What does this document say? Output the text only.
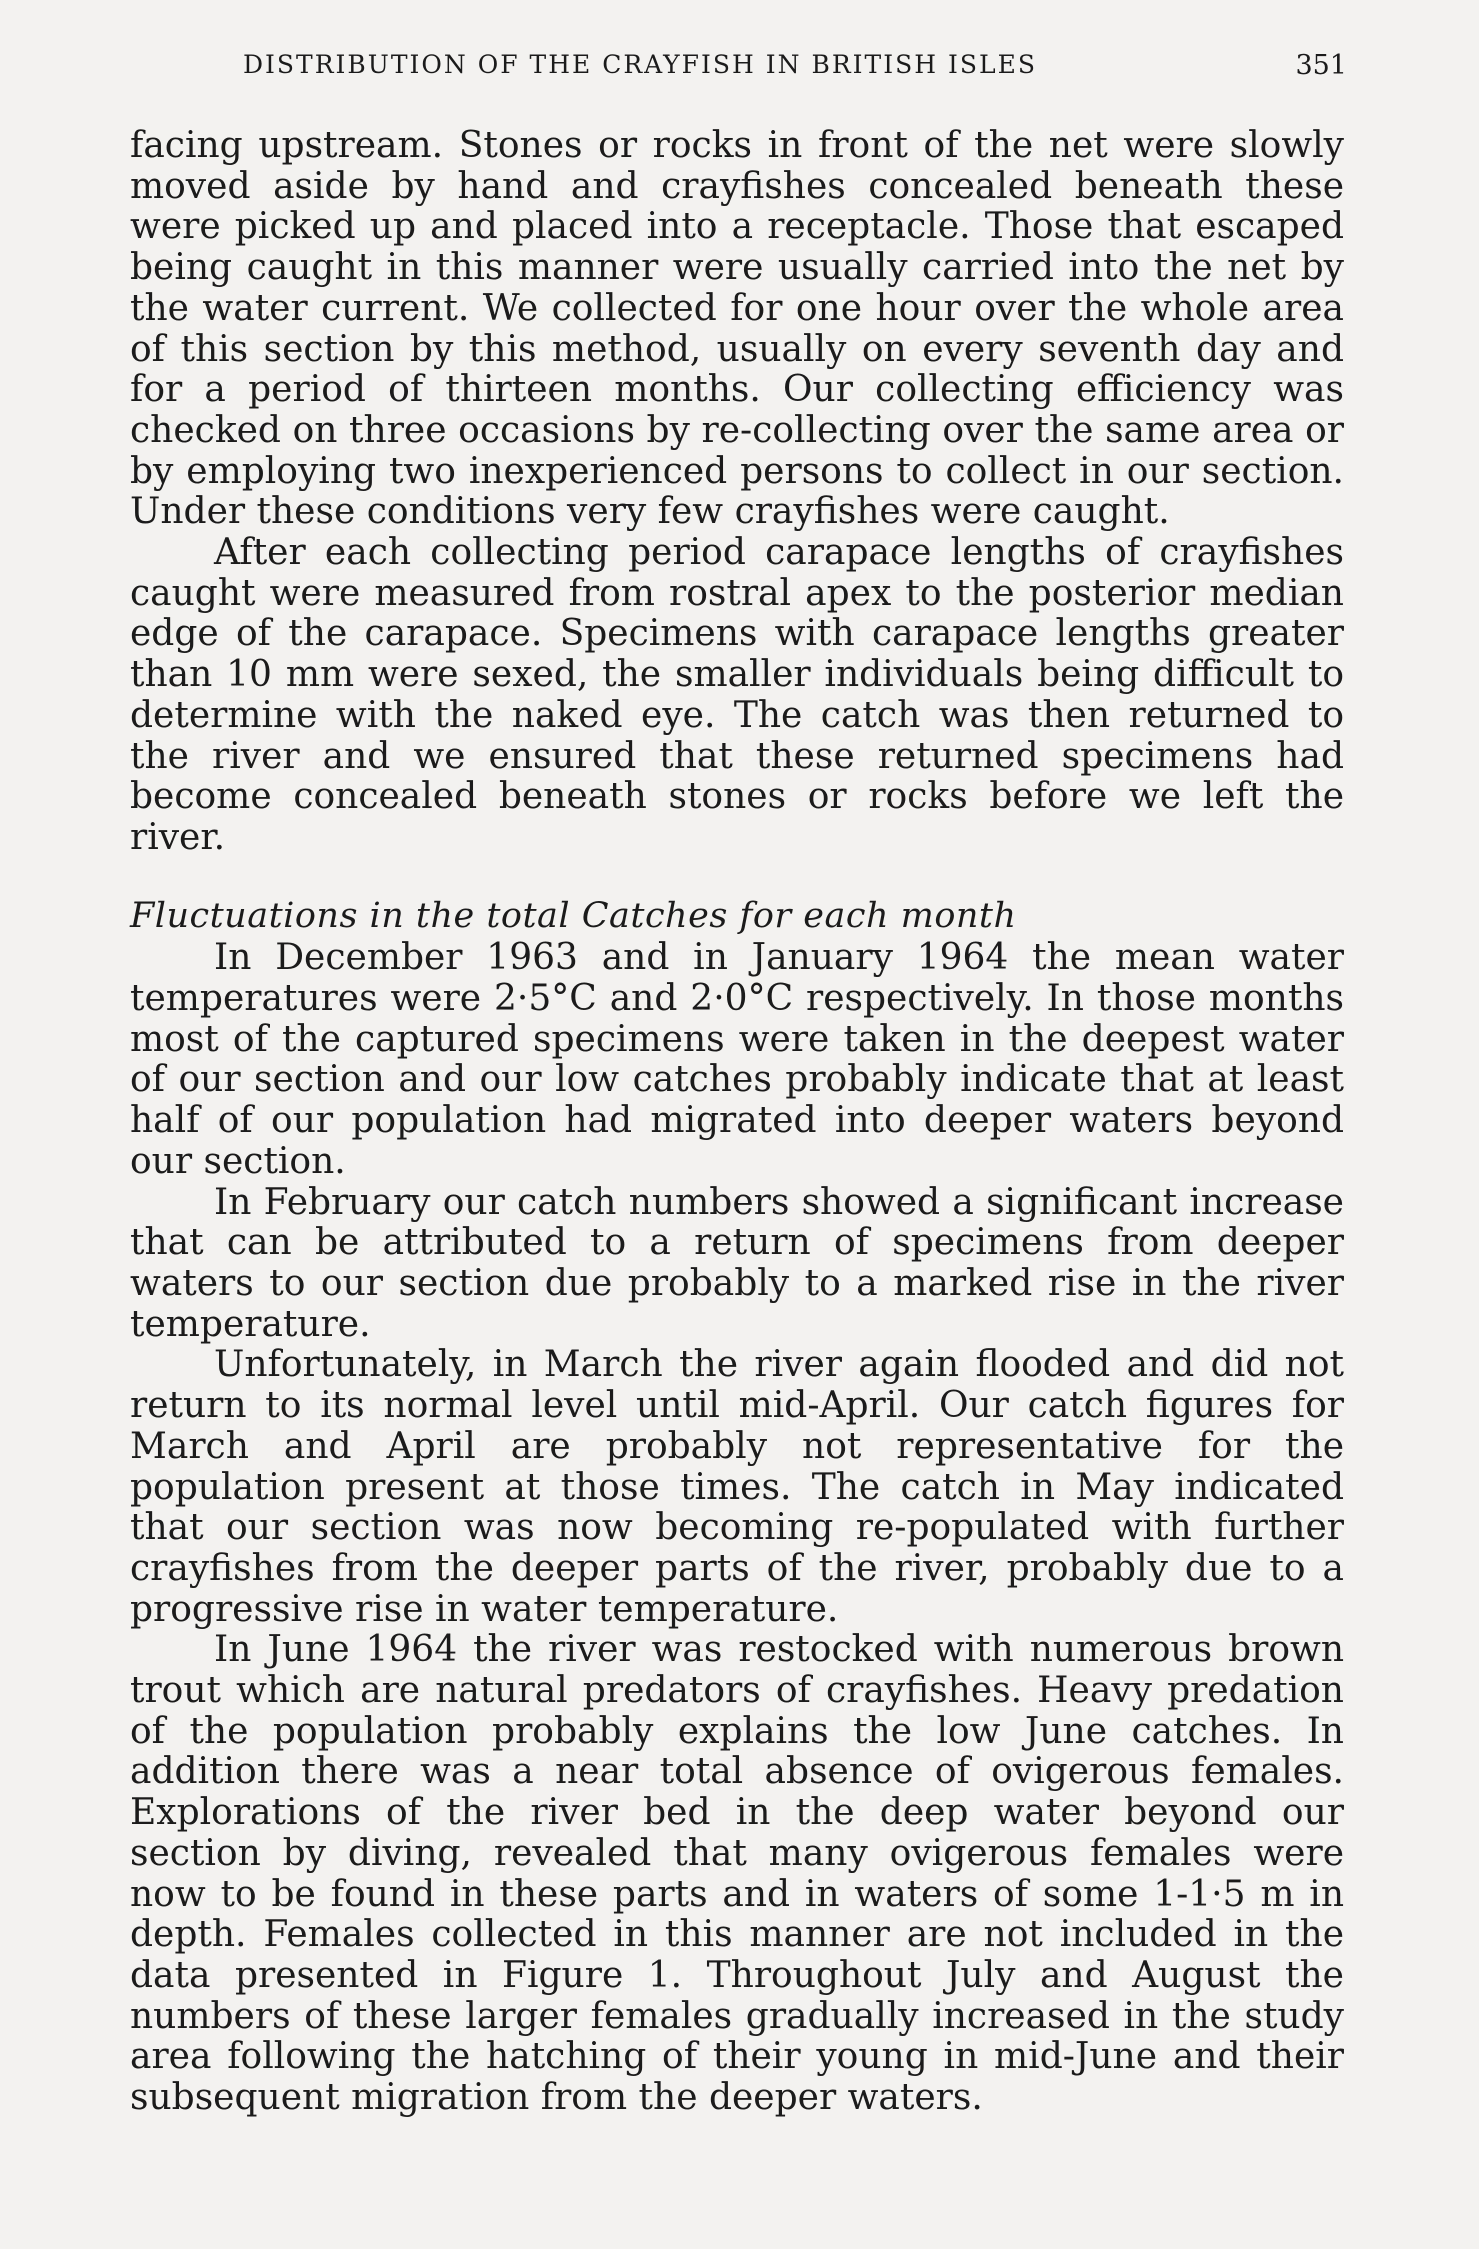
DISTRIBUTION OF THE CRAYFISH IN BRITISH ISLES	351

facing upstream. Stones or rocks in front of the net were slowly moved aside by hand and crayfishes concealed beneath these were picked up and placed into a receptacle. Those that escaped being caught in this manner were usually carried into the net by the water current. We collected for one hour over the whole area of this section by this method, usually on every seventh day and for a period of thirteen months. Our collecting efficiency was checked on three occasions by re-collecting over the same area or by employing two inexperienced persons to collect in our section. Under these conditions very few crayfishes were caught.

After each collecting period carapace lengths of crayfishes caught were measured from rostral apex to the posterior median edge of the carapace. Specimens with carapace lengths greater than 10 mm were sexed, the smaller individuals being difficult to determine with the naked eye. The catch was then returned to the river and we ensured that these returned specimens had become concealed beneath stones or rocks before we left the river.

Fluctuations in the total Catches for each month

In December 1963 and in January 1964 the mean water temperatures were 2·5°C and 2·0°C respectively. In those months most of the captured specimens were taken in the deepest water of our section and our low catches probably indicate that at least half of our population had migrated into deeper waters beyond our section.

In February our catch numbers showed a significant increase that can be attributed to a return of specimens from deeper waters to our section due probably to a marked rise in the river temperature.

Unfortunately, in March the river again flooded and did not return to its normal level until mid-April. Our catch figures for March and April are probably not representative for the population present at those times. The catch in May indicated that our section was now becoming re-populated with further crayfishes from the deeper parts of the river, probably due to a progressive rise in water temperature.

In June 1964 the river was restocked with numerous brown trout which are natural predators of crayfishes. Heavy predation of the population probably explains the low June catches. In addition there was a near total absence of ovigerous females. Explorations of the river bed in the deep water beyond our section by diving, revealed that many ovigerous females were now to be found in these parts and in waters of some 1-1·5 m in depth. Females collected in this manner are not included in the data presented in Figure 1. Throughout July and August the numbers of these larger females gradually increased in the study area following the hatching of their young in mid-June and their subsequent migration from the deeper waters.
